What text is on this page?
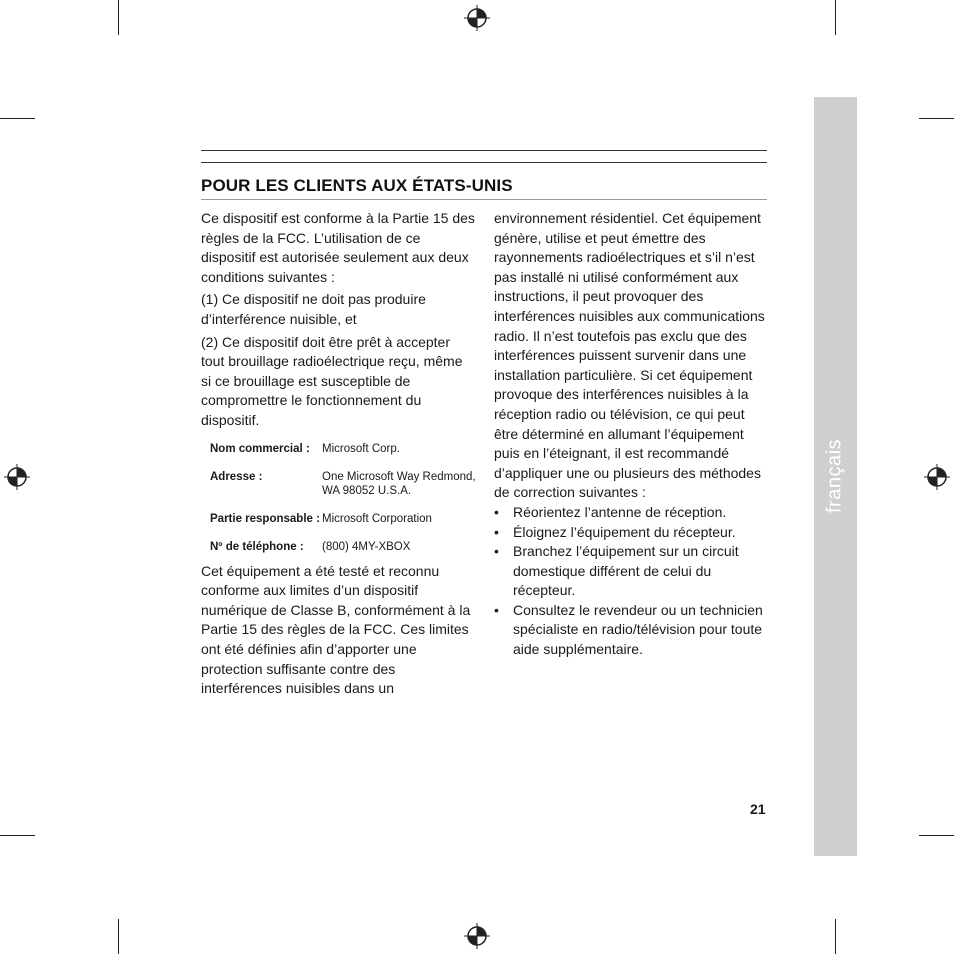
français
POUR LES CLIENTS AUX ÉTATS-UNIS

Ce dispositif est conforme à la Partie 15 des règles de la FCC. L’utilisation de ce dispositif est autorisée seulement aux deux conditions suivantes :

(1) Ce dispositif ne doit pas produire d’interférence nuisible, et

(2) Ce dispositif doit être prêt à accepter tout brouillage radioélectrique reçu, même si ce brouillage est susceptible de compromettre le fonctionnement du dispositif.

Nom commercial :	Microsoft Corp.
Adresse :	One Microsoft Way Redmond, WA 98052 U.S.A.
Partie responsable :	Microsoft Corporation
Nº de téléphone :	(800) 4MY-XBOX

Cet équipement a été testé et reconnu conforme aux limites d’un dispositif numérique de Classe B, conformément à la Partie 15 des règles de la FCC. Ces limites ont été définies afin d’apporter une protection suffisante contre des interférences nuisibles dans un

environnement résidentiel. Cet équipement génère, utilise et peut émettre des rayonnements radioélectriques et s’il n’est pas installé ni utilisé conformément aux instructions, il peut provoquer des interférences nuisibles aux communications radio. Il n’est toutefois pas exclu que des interférences puissent survenir dans une installation particulière. Si cet équipement provoque des interférences nuisibles à la réception radio ou télévision, ce qui peut être déterminé en allumant l’équipement puis en l’éteignant, il est recommandé d’appliquer une ou plusieurs des méthodes de correction suivantes :

• Réorientez l’antenne de réception.
• Éloignez l’équipement du récepteur.
• Branchez l’équipement sur un circuit domestique différent de celui du récepteur.
• Consultez le revendeur ou un technicien spécialiste en radio/télévision pour toute aide supplémentaire.
21
